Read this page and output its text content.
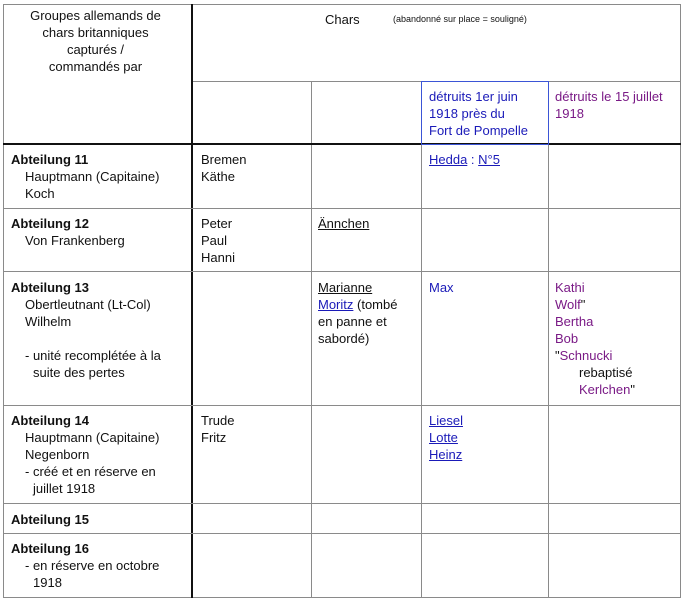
Groupes allemands de
chars britanniques
capturés /
commandés par
Chars	(abandonné sur place = souligné)
détruits 1er juin
1918 près du
Fort de Pompelle
détruits le 15 juillet
1918
Abteilung 11
Hauptmann (Capitaine)
Koch
Bremen
Käthe
Hedda : N°5
Abteilung 12
Von Frankenberg
Peter
Paul
Hanni
Ännchen
Abteilung 13
Obertleutnant (Lt-Col)
Wilhelm
- unité recomplétée à la
suite des pertes
Marianne
Moritz (tombé
en panne et
sabordé)
Max	Kathi
Wolf"
Bertha
Bob
"Schnucki
rebaptisé
Kerlchen"
Abteilung 14
Hauptmann (Capitaine)
Negenborn
- créé et en réserve en
juillet 1918
Trude
Fritz
Liesel
Lotte
Heinz
Abteilung 15
Abteilung 16
- en réserve en octobre
1918
